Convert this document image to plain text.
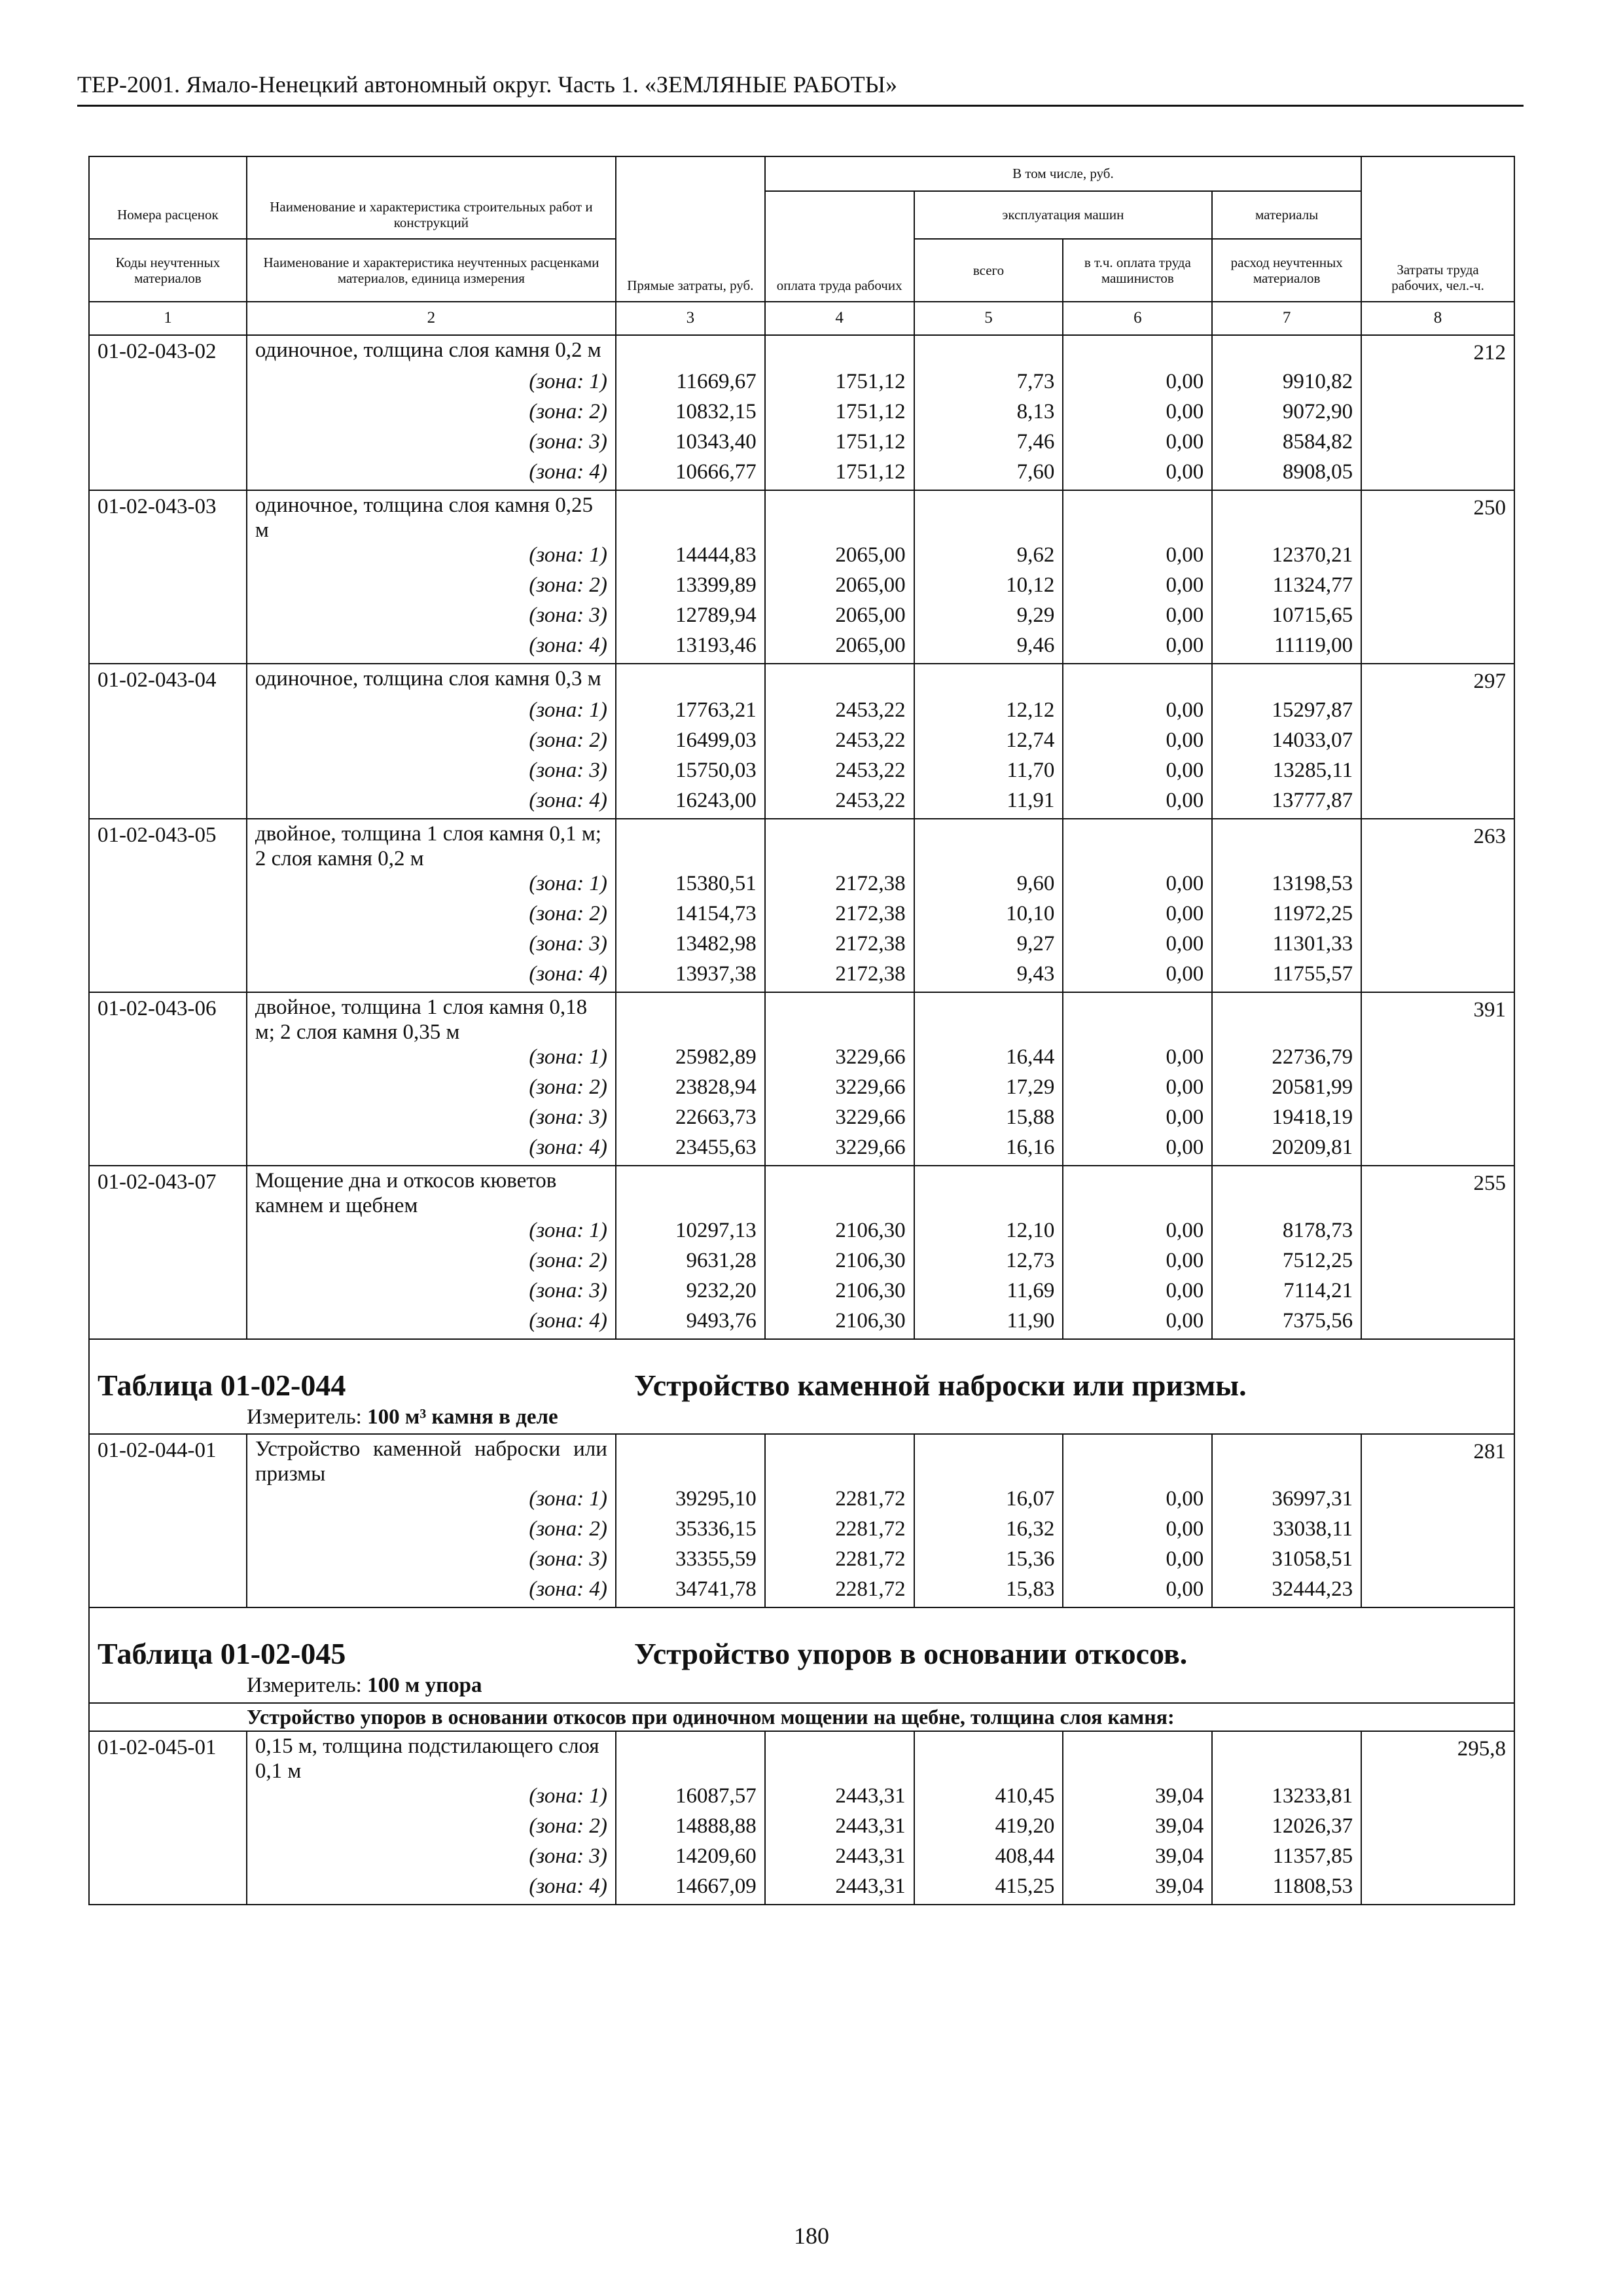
ТЕР-2001. Ямало-Ненецкий автономный округ. Часть 1. «ЗЕМЛЯНЫЕ РАБОТЫ»
		Прямые затраты, руб.	В том числе, руб.				Затраты труда рабочих, чел.-ч.
Номера расценок	Наименование и характеристика строительных работ и конструкций		оплата труда рабочих	эксплуатация машин		материалы	
Коды неучтенных материалов	Наименование и характеристика неучтенных расценками материалов, единица измерения			всего	в т.ч. оплата труда машинистов	расход неучтенных материалов	
1	2	3	4	5	6	7	8
01-02-043-02	одиночное, толщина слоя камня 0,2 м						212
	(зона: 1)	11669,67	1751,12	7,73	0,00	9910,82	
	(зона: 2)	10832,15	1751,12	8,13	0,00	9072,90	
	(зона: 3)	10343,40	1751,12	7,46	0,00	8584,82	
	(зона: 4)	10666,77	1751,12	7,60	0,00	8908,05	
01-02-043-03	одиночное, толщина слоя камня 0,25 м						250
	(зона: 1)	14444,83	2065,00	9,62	0,00	12370,21	
	(зона: 2)	13399,89	2065,00	10,12	0,00	11324,77	
	(зона: 3)	12789,94	2065,00	9,29	0,00	10715,65	
	(зона: 4)	13193,46	2065,00	9,46	0,00	11119,00	
01-02-043-04	одиночное, толщина слоя камня 0,3 м						297
	(зона: 1)	17763,21	2453,22	12,12	0,00	15297,87	
	(зона: 2)	16499,03	2453,22	12,74	0,00	14033,07	
	(зона: 3)	15750,03	2453,22	11,70	0,00	13285,11	
	(зона: 4)	16243,00	2453,22	11,91	0,00	13777,87	
01-02-043-05	двойное, толщина 1 слоя камня 0,1 м; 2 слоя камня 0,2 м						263
	(зона: 1)	15380,51	2172,38	9,60	0,00	13198,53	
	(зона: 2)	14154,73	2172,38	10,10	0,00	11972,25	
	(зона: 3)	13482,98	2172,38	9,27	0,00	11301,33	
	(зона: 4)	13937,38	2172,38	9,43	0,00	11755,57	
01-02-043-06	двойное, толщина 1 слоя камня 0,18 м; 2 слоя камня 0,35 м						391
	(зона: 1)	25982,89	3229,66	16,44	0,00	22736,79	
	(зона: 2)	23828,94	3229,66	17,29	0,00	20581,99	
	(зона: 3)	22663,73	3229,66	15,88	0,00	19418,19	
	(зона: 4)	23455,63	3229,66	16,16	0,00	20209,81	
01-02-043-07	Мощение дна и откосов кюветов камнем и щебнем						255
	(зона: 1)	10297,13	2106,30	12,10	0,00	8178,73	
	(зона: 2)	9631,28	2106,30	12,73	0,00	7512,25	
	(зона: 3)	9232,20	2106,30	11,69	0,00	7114,21	
	(зона: 4)	9493,76	2106,30	11,90	0,00	7375,56	

Таблица 01-02-044 Устройство каменной наброски или призмы.							

Измеритель: 100 м³ камня в деле							
01-02-044-01	Устройство каменной наброски или призмы						281
	(зона: 1)	39295,10	2281,72	16,07	0,00	36997,31	
	(зона: 2)	35336,15	2281,72	16,32	0,00	33038,11	
	(зона: 3)	33355,59	2281,72	15,36	0,00	31058,51	
	(зона: 4)	34741,78	2281,72	15,83	0,00	32444,23	

Таблица 01-02-045 Устройство упоров в основании откосов.							

Измеритель: 100 м упора							
Устройство упоров в основании откосов при одиночном мощении на щебне, толщина слоя камня:							
01-02-045-01	0,15 м, толщина подстилающего слоя 0,1 м						295,8
	(зона: 1)	16087,57	2443,31	410,45	39,04	13233,81	
	(зона: 2)	14888,88	2443,31	419,20	39,04	12026,37	
	(зона: 3)	14209,60	2443,31	408,44	39,04	11357,85	
	(зона: 4)	14667,09	2443,31	415,25	39,04	11808,53	
180
